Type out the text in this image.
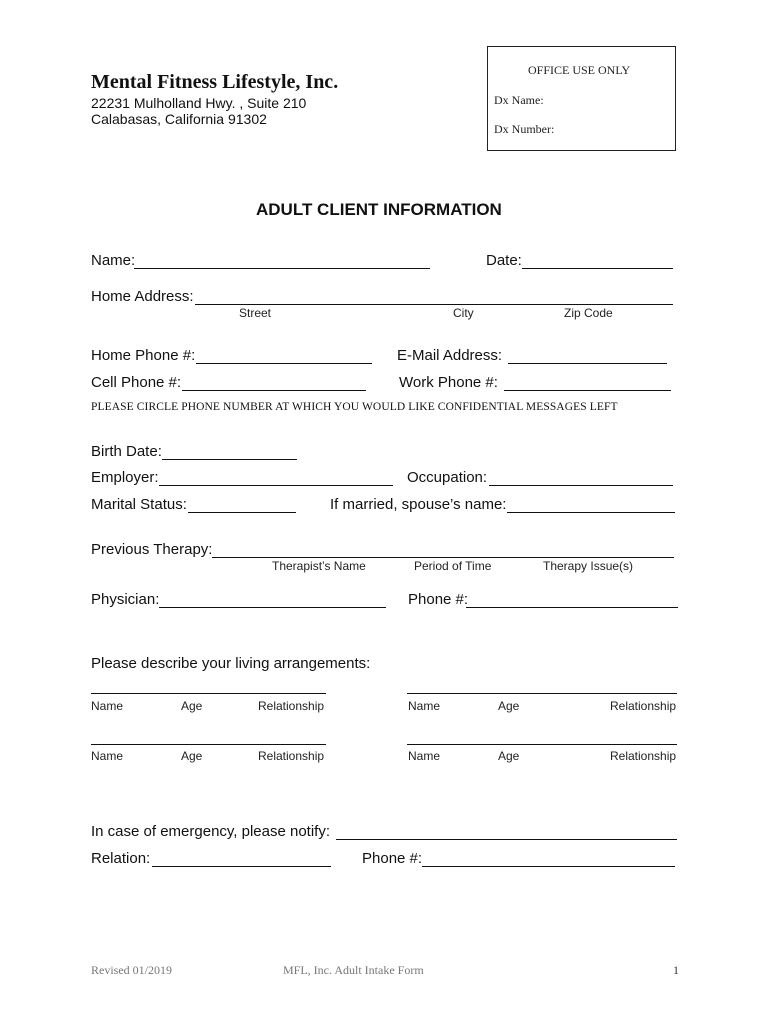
Mental Fitness Lifestyle, Inc.
22231 Mulholland Hwy. , Suite 210
Calabasas, California 91302
OFFICE USE ONLY
Dx Name:
Dx Number:
ADULT CLIENT INFORMATION
Name:	Date:
Home Address:
Street	City	Zip Code
Home Phone #:	E-Mail Address:
Cell Phone #:	Work Phone #:
PLEASE CIRCLE PHONE NUMBER AT WHICH YOU WOULD LIKE CONFIDENTIAL MESSAGES LEFT
Birth Date:
Employer:	Occupation:
Marital Status:	If married, spouse’s name:
Previous Therapy:
Therapist’s Name	Period of Time	Therapy Issue(s)
Physician:	Phone #:
Please describe your living arrangements:
Name	Age	Relationship	Name	Age	Relationship
Name	Age	Relationship	Name	Age	Relationship
In case of emergency, please notify:
Relation:	Phone #:
Revised 01/2019	MFL, Inc. Adult Intake Form	1
